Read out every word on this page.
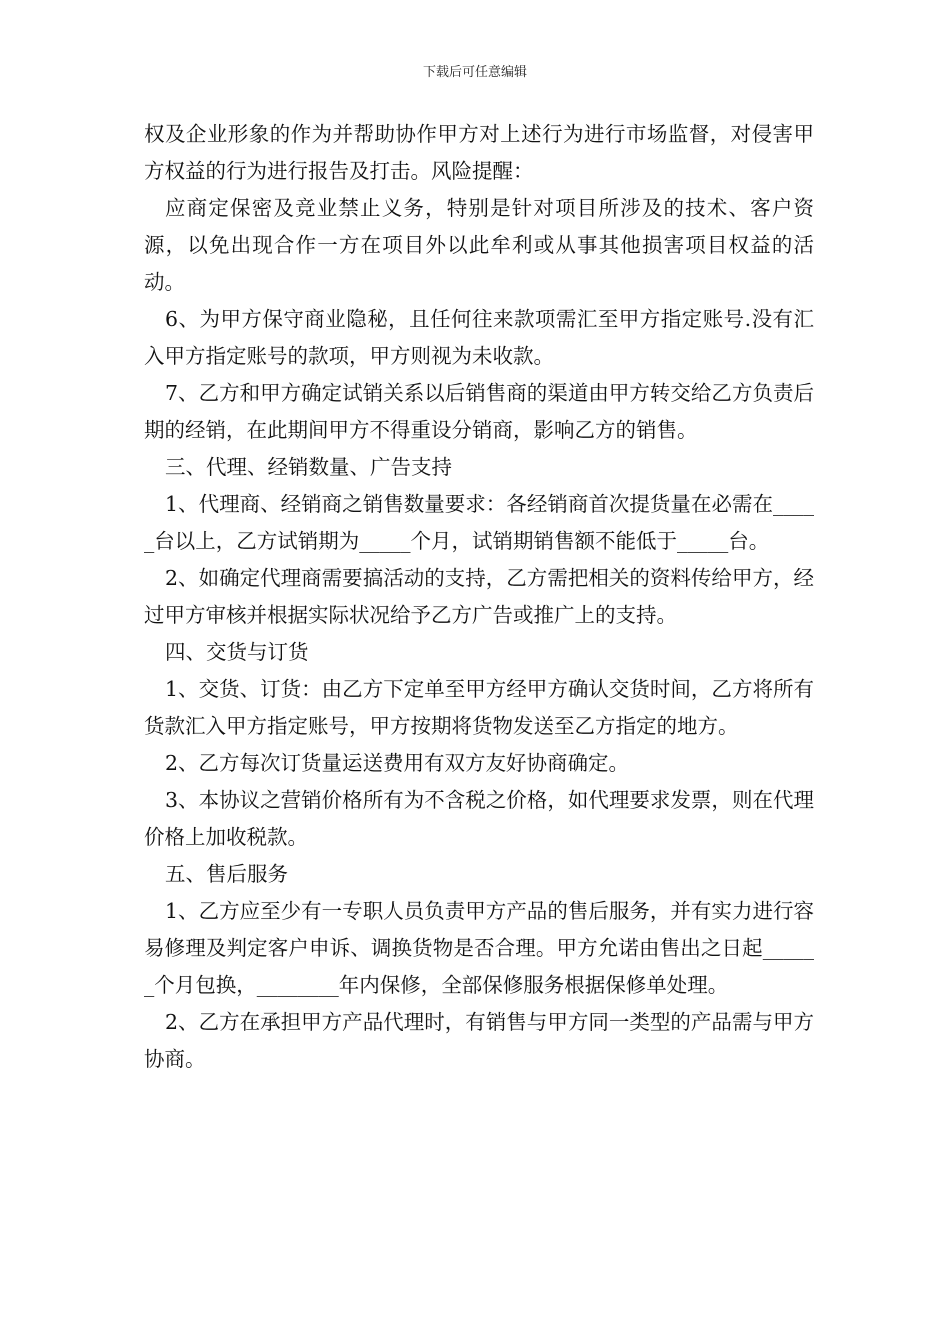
下载后可任意编辑

权及企业形象的作为并帮助协作甲方对上述行为进行市场监督，对侵害甲方权益的行为进行报告及打击。风险提醒：

应商定保密及竞业禁止义务，特别是针对项目所涉及的技术、客户资源，以免出现合作一方在项目外以此牟利或从事其他损害项目权益的活动。

6、为甲方保守商业隐秘，且任何往来款项需汇至甲方指定账号.没有汇入甲方指定账号的款项，甲方则视为未收款。

7、乙方和甲方确定试销关系以后销售商的渠道由甲方转交给乙方负责后期的经销，在此期间甲方不得重设分销商，影响乙方的销售。

三、代理、经销数量、广告支持

1、代理商、经销商之销售数量要求：各经销商首次提货量在必需在_____台以上，乙方试销期为_____个月，试销期销售额不能低于_____台。

2、如确定代理商需要搞活动的支持，乙方需把相关的资料传给甲方，经过甲方审核并根据实际状况给予乙方广告或推广上的支持。

四、交货与订货

1、交货、订货：由乙方下定单至甲方经甲方确认交货时间，乙方将所有货款汇入甲方指定账号，甲方按期将货物发送至乙方指定的地方。

2、乙方每次订货量运送费用有双方友好协商确定。

3、本协议之营销价格所有为不含税之价格，如代理要求发票，则在代理价格上加收税款。

五、售后服务

1、乙方应至少有一专职人员负责甲方产品的售后服务，并有实力进行容易修理及判定客户申诉、调换货物是否合理。甲方允诺由售出之日起______个月包换，________年内保修，全部保修服务根据保修单处理。

2、乙方在承担甲方产品代理时，有销售与甲方同一类型的产品需与甲方协商。
